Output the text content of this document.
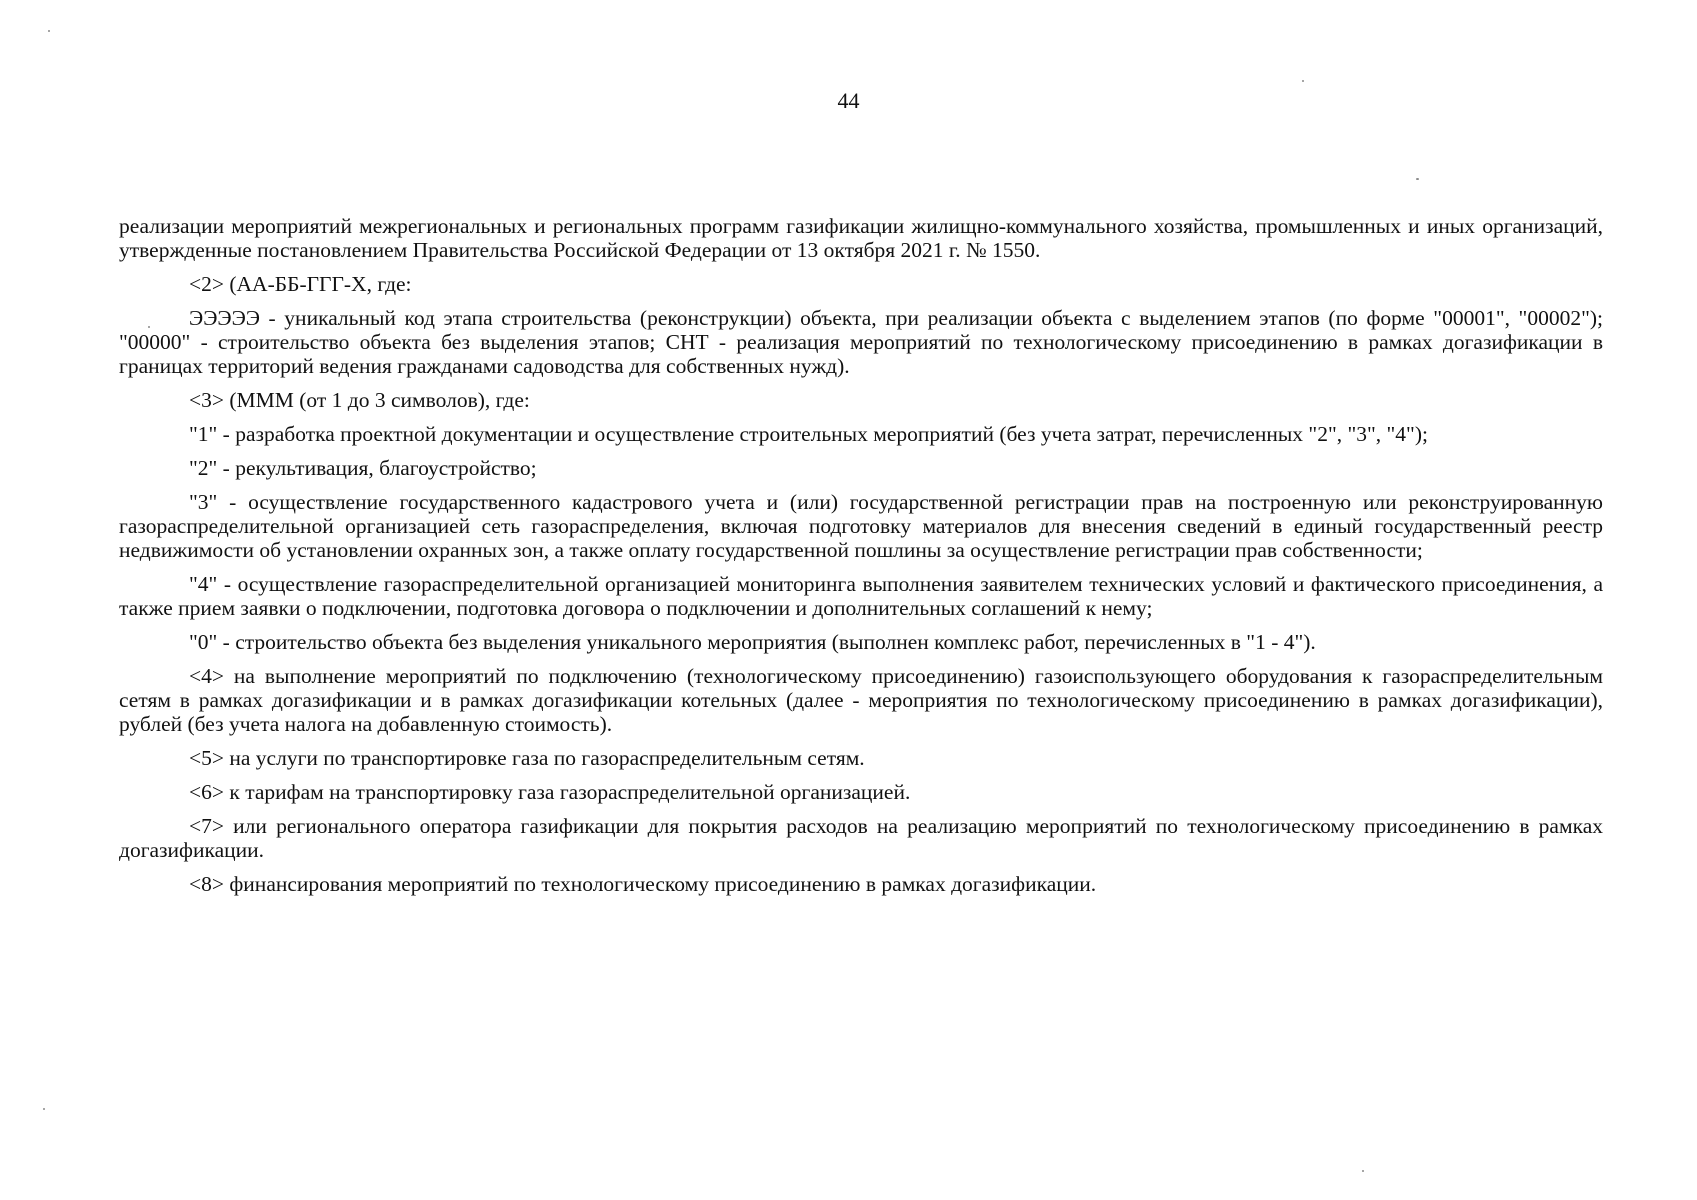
44

реализации мероприятий межрегиональных и региональных программ газификации жилищно-коммунального хозяйства, промышленных и иных организаций, утвержденные постановлением Правительства Российской Федерации от 13 октября 2021 г. № 1550.

<2> (АА-ББ-ГГГ-Х, где:

ЭЭЭЭЭ - уникальный код этапа строительства (реконструкции) объекта, при реализации объекта с выделением этапов (по форме "00001", "00002"); "00000" - строительство объекта без выделения этапов; СНТ - реализация мероприятий по технологическому присоединению в рамках догазификации в границах территорий ведения гражданами садоводства для собственных нужд).

<3> (МММ (от 1 до 3 символов), где:

"1" - разработка проектной документации и осуществление строительных мероприятий (без учета затрат, перечисленных "2", "3", "4");

"2" - рекультивация, благоустройство;

"3" - осуществление государственного кадастрового учета и (или) государственной регистрации прав на построенную или реконструированную газораспределительной организацией сеть газораспределения, включая подготовку материалов для внесения сведений в единый государственный реестр недвижимости об установлении охранных зон, а также оплату государственной пошлины за осуществление регистрации прав собственности;

"4" - осуществление газораспределительной организацией мониторинга выполнения заявителем технических условий и фактического присоединения, а также прием заявки о подключении, подготовка договора о подключении и дополнительных соглашений к нему;

"0" - строительство объекта без выделения уникального мероприятия (выполнен комплекс работ, перечисленных в "1 - 4").

<4> на выполнение мероприятий по подключению (технологическому присоединению) газоиспользующего оборудования к газораспределительным сетям в рамках догазификации и в рамках догазификации котельных (далее - мероприятия по технологическому присоединению в рамках догазификации), рублей (без учета налога на добавленную стоимость).

<5> на услуги по транспортировке газа по газораспределительным сетям.

<6> к тарифам на транспортировку газа газораспределительной организацией.

<7> или регионального оператора газификации для покрытия расходов на реализацию мероприятий по технологическому присоединению в рамках догазификации.

<8> финансирования мероприятий по технологическому присоединению в рамках догазификации.
